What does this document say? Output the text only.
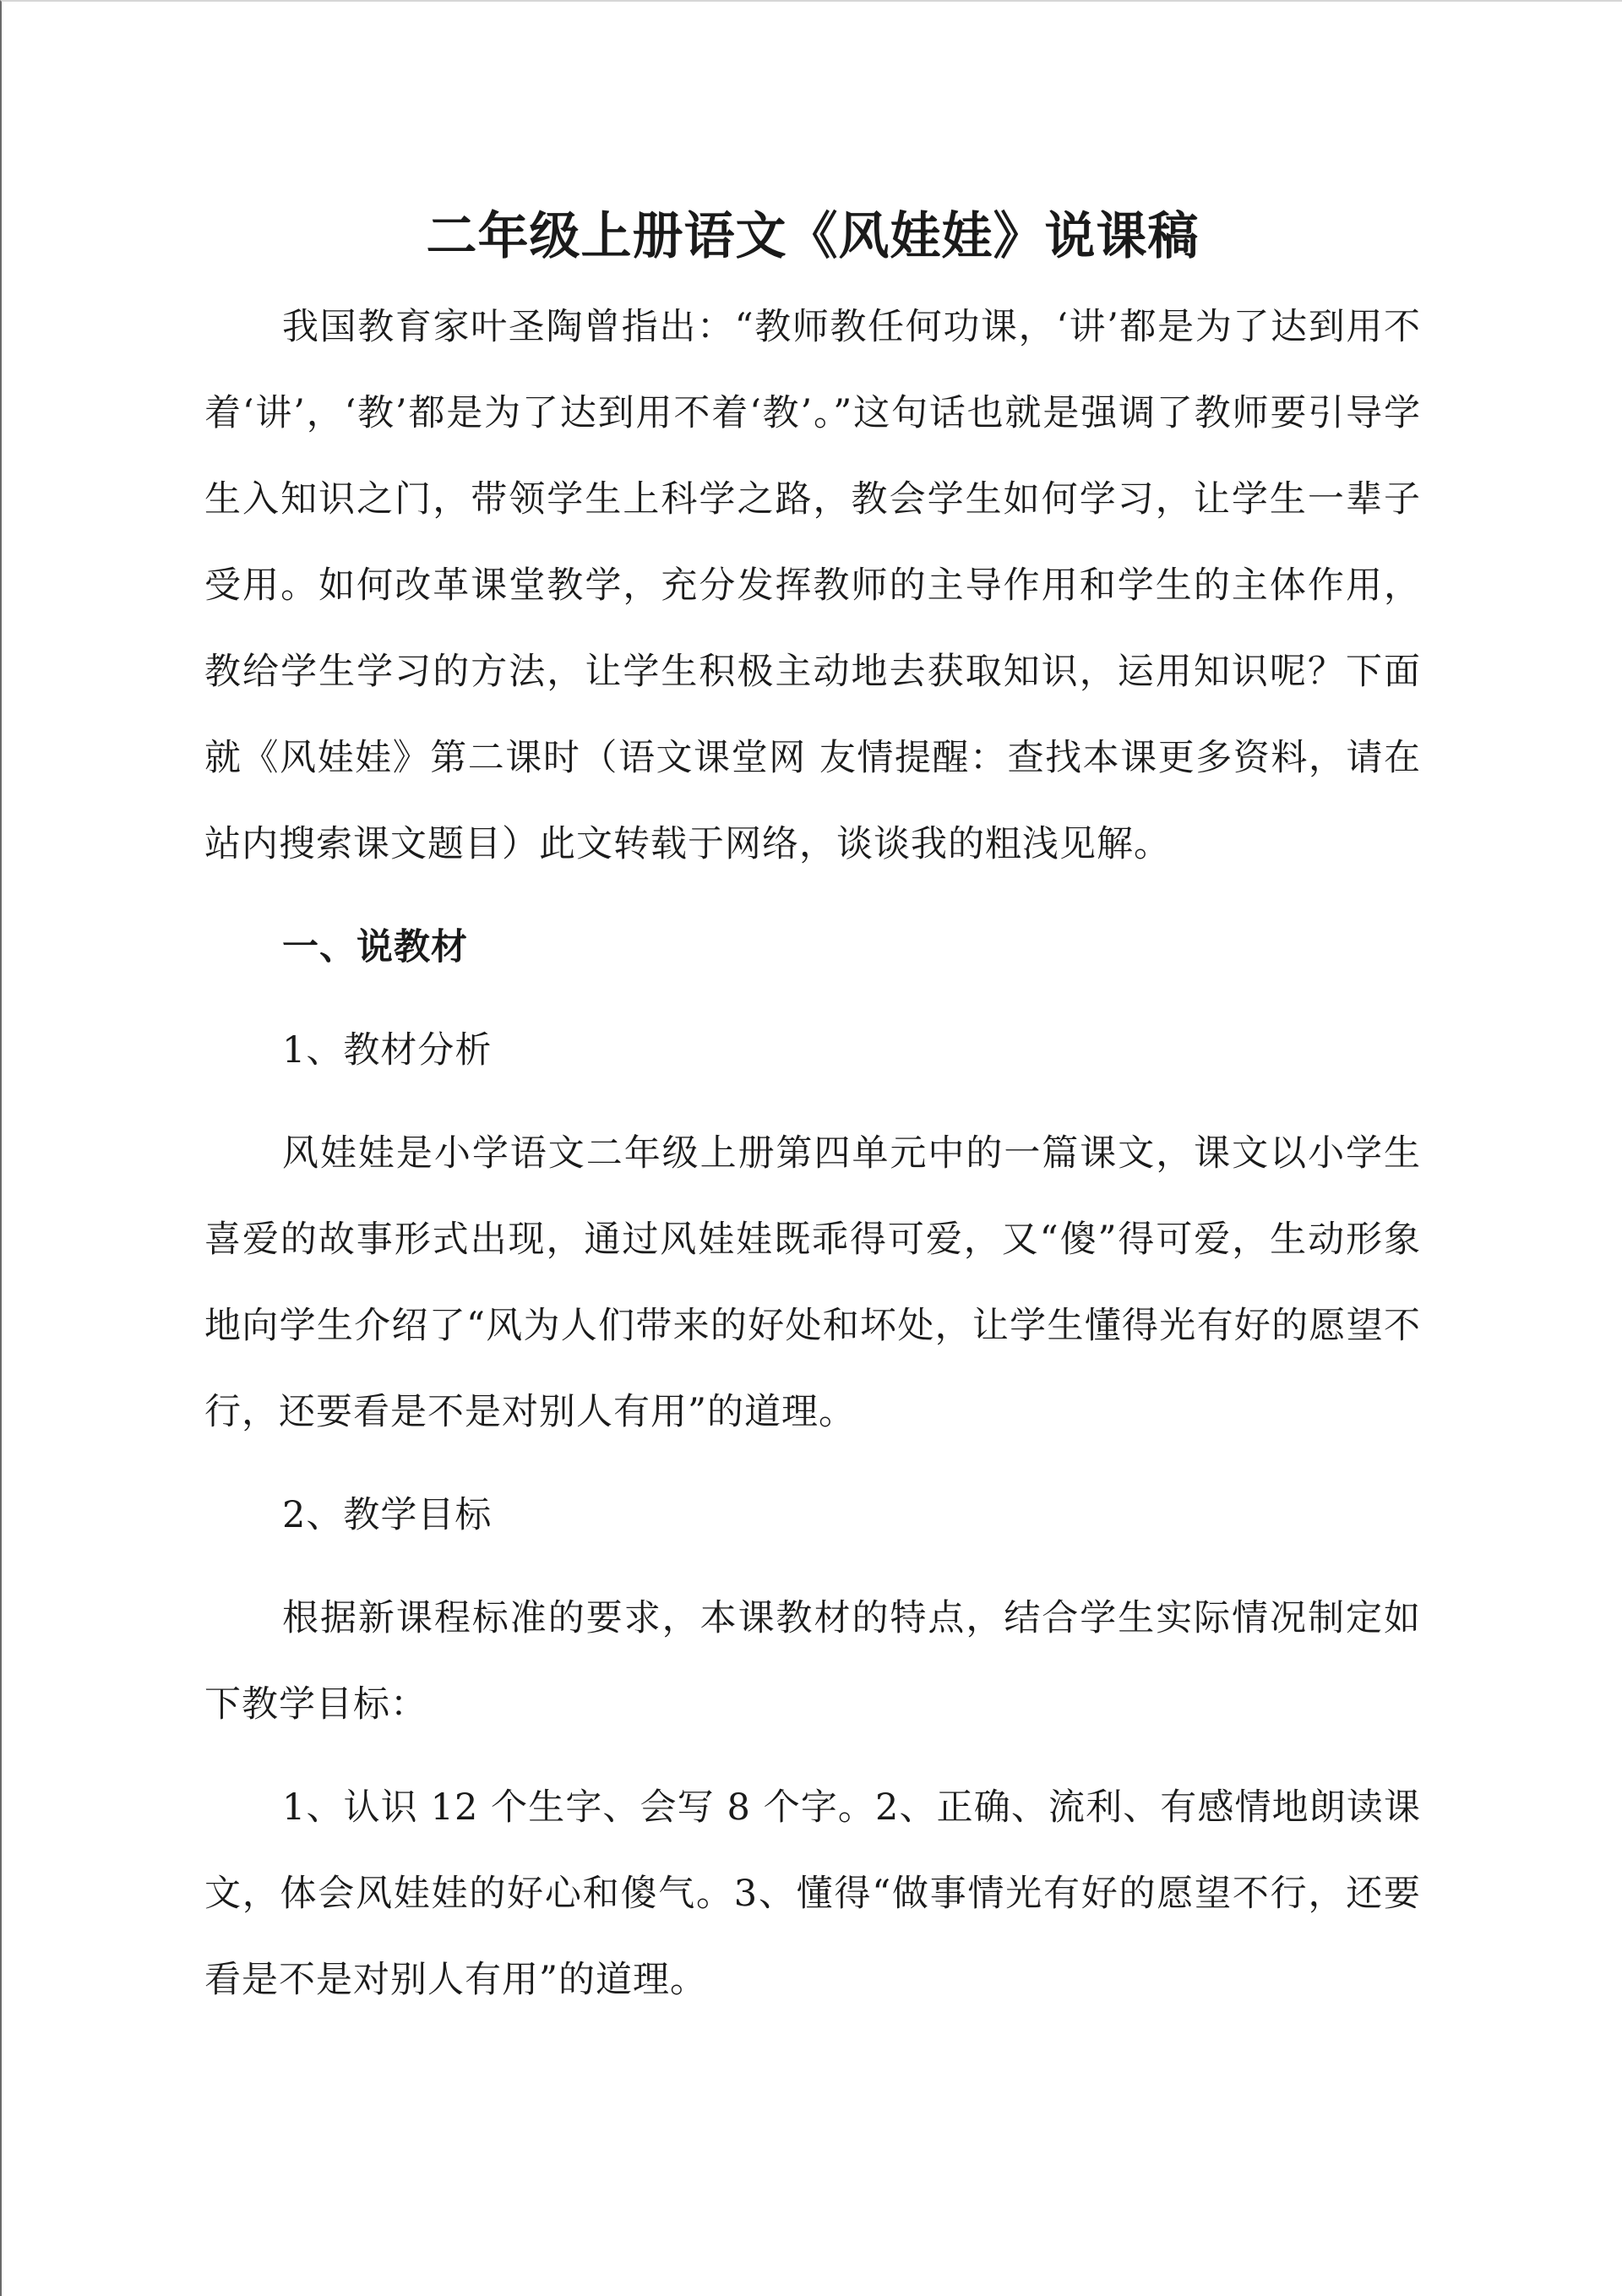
二年级上册语文《风娃娃》说课稿

我国教育家叶圣陶曾指出：“教师教任何功课，‘讲’都是为了达到用不着‘讲’，‘教’都是为了达到用不着‘教’。”这句话也就是强调了教师要引导学生入知识之门，带领学生上科学之路，教会学生如何学习，让学生一辈子受用。如何改革课堂教学，充分发挥教师的主导作用和学生的主体作用，教给学生学习的方法，让学生积极主动地去获取知识，运用知识呢？下面就《风娃娃》第二课时（语文课堂网 友情提醒：查找本课更多资料，请在站内搜索课文题目）此文转载于网络，谈谈我的粗浅见解。

一、说教材

1、教材分析

风娃娃是小学语文二年级上册第四单元中的一篇课文，课文以小学生喜爱的故事形式出现，通过风娃娃既乖得可爱，又“傻”得可爱，生动形象地向学生介绍了“风为人们带来的好处和坏处，让学生懂得光有好的愿望不行，还要看是不是对别人有用”的道理。

2、教学目标

根据新课程标准的要求，本课教材的特点，结合学生实际情况制定如下教学目标：

1、认识 12 个生字、会写 8 个字。2、正确、流利、有感情地朗读课文，体会风娃娃的好心和傻气。3、懂得“做事情光有好的愿望不行，还要看是不是对别人有用”的道理。
